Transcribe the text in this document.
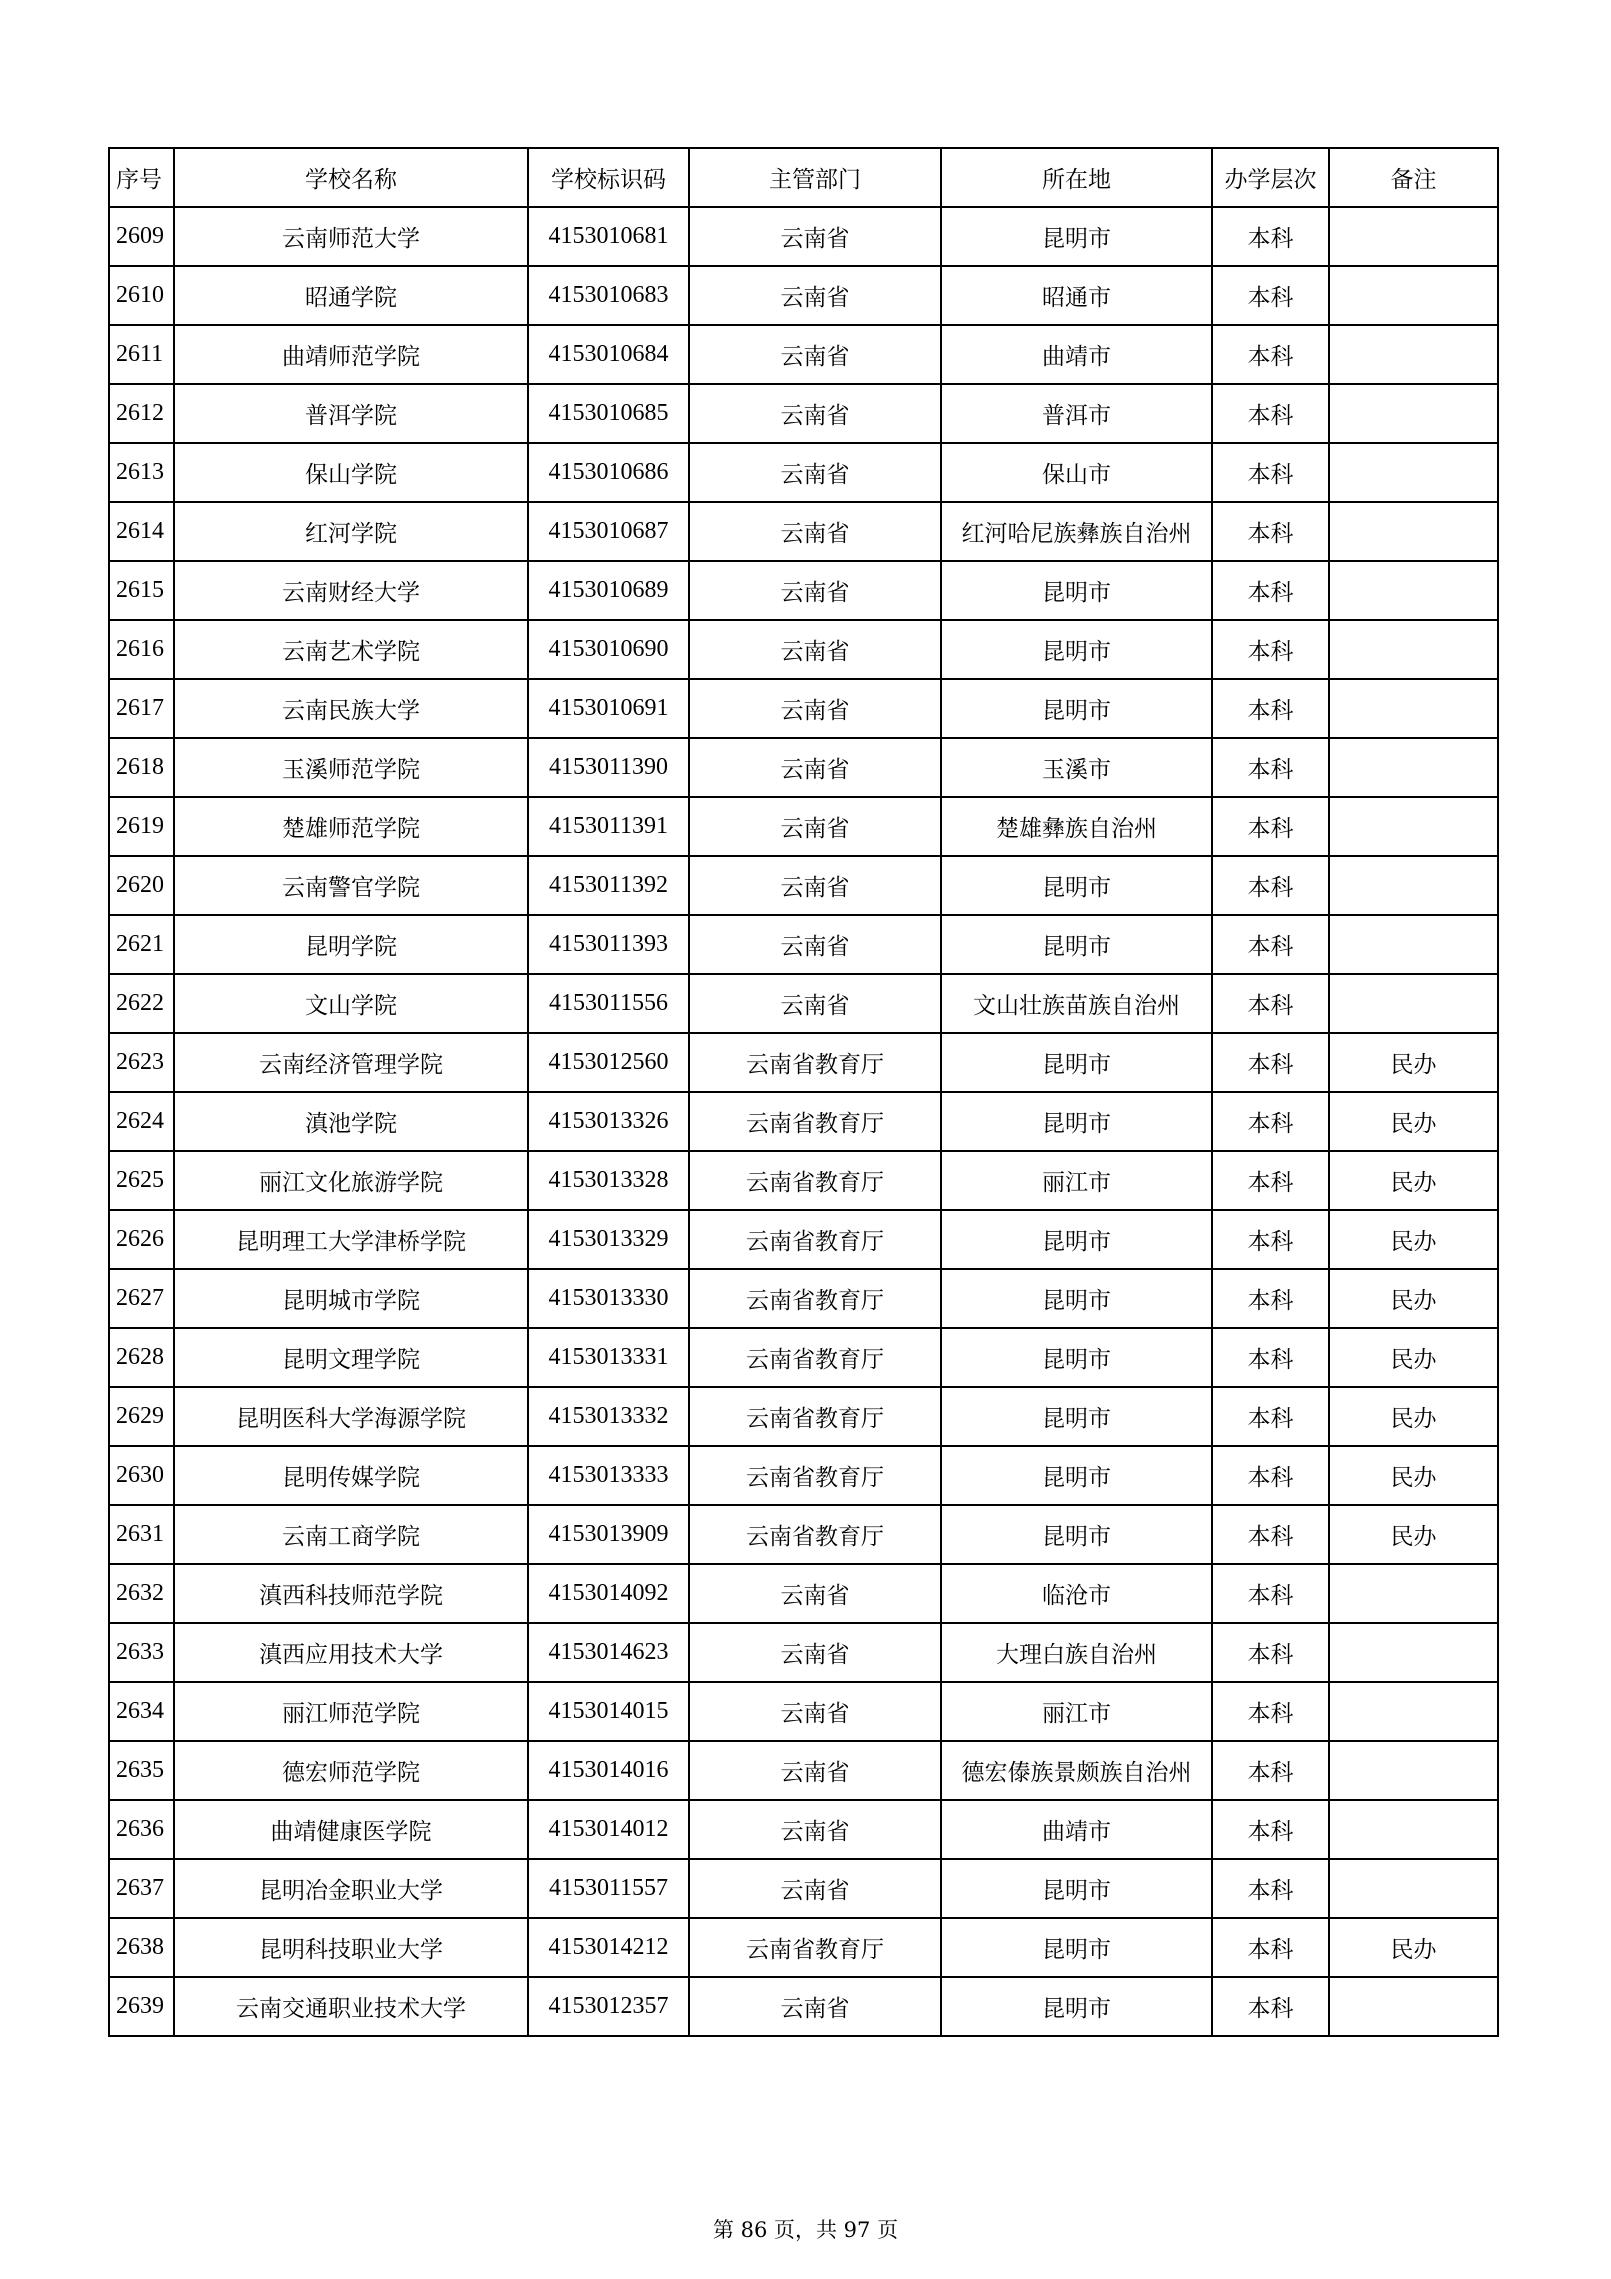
序号	学校名称	学校标识码	主管部门	所在地	办学层次	备注
2609	云南师范大学	4153010681	云南省	昆明市	本科	
2610	昭通学院	4153010683	云南省	昭通市	本科	
2611	曲靖师范学院	4153010684	云南省	曲靖市	本科	
2612	普洱学院	4153010685	云南省	普洱市	本科	
2613	保山学院	4153010686	云南省	保山市	本科	
2614	红河学院	4153010687	云南省	红河哈尼族彝族自治州	本科	
2615	云南财经大学	4153010689	云南省	昆明市	本科	
2616	云南艺术学院	4153010690	云南省	昆明市	本科	
2617	云南民族大学	4153010691	云南省	昆明市	本科	
2618	玉溪师范学院	4153011390	云南省	玉溪市	本科	
2619	楚雄师范学院	4153011391	云南省	楚雄彝族自治州	本科	
2620	云南警官学院	4153011392	云南省	昆明市	本科	
2621	昆明学院	4153011393	云南省	昆明市	本科	
2622	文山学院	4153011556	云南省	文山壮族苗族自治州	本科	
2623	云南经济管理学院	4153012560	云南省教育厅	昆明市	本科	民办
2624	滇池学院	4153013326	云南省教育厅	昆明市	本科	民办
2625	丽江文化旅游学院	4153013328	云南省教育厅	丽江市	本科	民办
2626	昆明理工大学津桥学院	4153013329	云南省教育厅	昆明市	本科	民办
2627	昆明城市学院	4153013330	云南省教育厅	昆明市	本科	民办
2628	昆明文理学院	4153013331	云南省教育厅	昆明市	本科	民办
2629	昆明医科大学海源学院	4153013332	云南省教育厅	昆明市	本科	民办
2630	昆明传媒学院	4153013333	云南省教育厅	昆明市	本科	民办
2631	云南工商学院	4153013909	云南省教育厅	昆明市	本科	民办
2632	滇西科技师范学院	4153014092	云南省	临沧市	本科	
2633	滇西应用技术大学	4153014623	云南省	大理白族自治州	本科	
2634	丽江师范学院	4153014015	云南省	丽江市	本科	
2635	德宏师范学院	4153014016	云南省	德宏傣族景颇族自治州	本科	
2636	曲靖健康医学院	4153014012	云南省	曲靖市	本科	
2637	昆明冶金职业大学	4153011557	云南省	昆明市	本科	
2638	昆明科技职业大学	4153014212	云南省教育厅	昆明市	本科	民办
2639	云南交通职业技术大学	4153012357	云南省	昆明市	本科	
第 86 页，共 97 页
